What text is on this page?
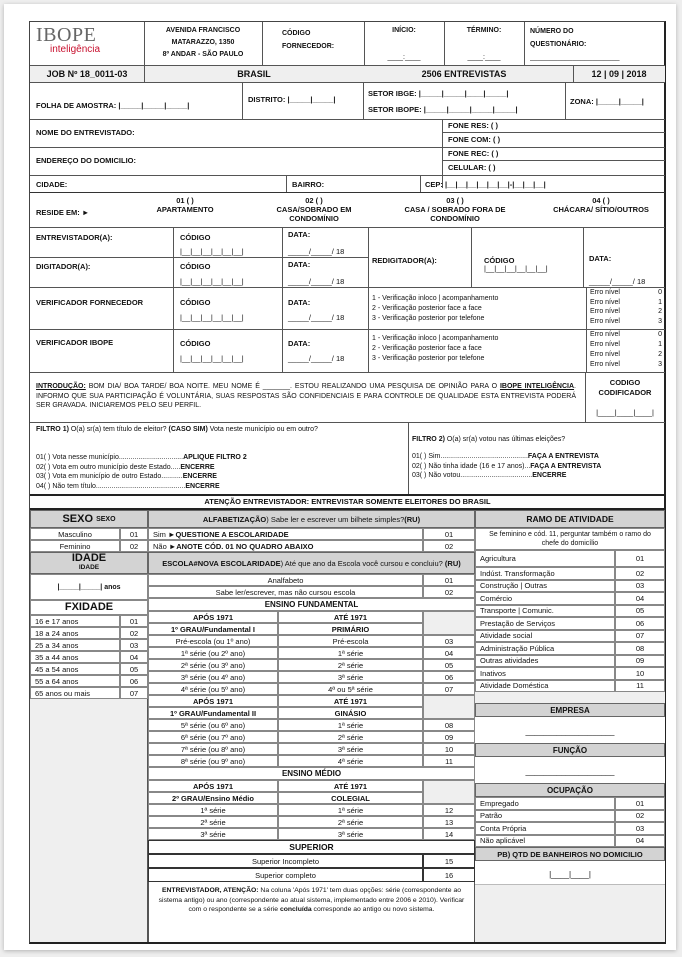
IBOPE
inteligência
AVENIDA FRANCISCO
MATARAZZO, 1350
8º ANDAR - SÃO PAULO
CÓDIGO
FORNECEDOR:
INÍCIO:
____:____
TÉRMINO:
____:____
NÚMERO DO
QUESTIONÁRIO:
_______________________
JOB Nº 18_0011-03	BRASIL	2506 ENTREVISTAS	12 | 09 | 2018
FOLHA DE AMOSTRA: |_____|_____|_____|
DISTRITO: |_____|_____|
SETOR IBGE: |_____|_____|____|_____|
SETOR IBOPE: |_____|_____|_____|_____|
ZONA: |_____|_____|
NOME DO ENTREVISTADO:
FONE RES: ( )
FONE COM: ( )
ENDEREÇO DO DOMICILIO:
FONE REC: ( )
CELULAR: ( )
CIDADE:	BAIRRO:	CEP: |__|__|__|__|__|__|-|__|__|__|
RESIDE EM: ►
01 ( )
APARTAMENTO
02 ( )
CASA/SOBRADO EM CONDOMÍNIO
03 ( )
CASA / SOBRADO FORA DE CONDOMÍNIO
04 ( )
CHÁCARA/ SÍTIO/OUTROS
ENTREVISTADOR(A):	CÓDIGO
|__|__|__|__|__|__|
DATA:
_____/_____/ 18
DIGITADOR(A):	CÓDIGO
|__|__|__|__|__|__|
DATA:
_____/_____/ 18
REDIGITADOR(A):	CÓDIGO
|__|__|__|__|__|__|
DATA:
_____/_____/ 18
VERIFICADOR FORNECEDOR	CÓDIGO
|__|__|__|__|__|__|
DATA:
_____/_____/ 18
1 - Verificação inloco | acompanhamento
2 - Verificação posterior face a face
3 - Verificação posterior por telefone
Erro nível	0
Erro nível	1
Erro nível	2
Erro nível	3
VERIFICADOR IBOPE	CÓDIGO
|__|__|__|__|__|__|
DATA:
_____/_____/ 18
1 - Verificação inloco | acompanhamento
2 - Verificação posterior face a face
3 - Verificação posterior por telefone
Erro nível	0
Erro nível	1
Erro nível	2
Erro nível	3
INTRODUÇÃO: BOM DIA/ BOA TARDE/ BOA NOITE. MEU NOME É _______. ESTOU REALIZANDO UMA PESQUISA DE OPINIÃO PARA O IBOPE INTELIGÊNCIA. INFORMO QUE SUA PARTICIPAÇÃO É VOLUNTÁRIA, SUAS RESPOSTAS SÃO CONFIDENCIAIS E PARA CONTROLE DE QUALIDADE ESTA ENTREVISTA PODERÁ SER GRAVADA. INICIAREMOS PELO SEU PERFIL.
CODIGO CODIFICADOR
|____|____|____|
FILTRO 1) O(a) sr(a) tem título de eleitor? (CASO SIM) Vota neste município ou em outro?
01( ) Vota nesse município.................................APLIQUE FILTRO 2
02( ) Vota em outro município deste Estado.....ENCERRE
03( ) Vota em município de outro Estado...........ENCERRE
04( ) Não tem título..............................................ENCERRE
FILTRO 2) O(a) sr(a) votou nas últimas eleições?
01( ) Sim.............................................FAÇA A ENTREVISTA
02( ) Não tinha idade (16 e 17 anos)...FAÇA A ENTREVISTA
03( ) Não votou.....................................ENCERRE
ATENÇÃO ENTREVISTADOR: ENTREVISTAR SOMENTE ELEITORES DO BRASIL
SEXO
SEXO
Masculino	01
Feminino	02
IDADE
IDADE
|_____|_____| anos
FXIDADE
16 e 17 anos	01
18 a 24 anos	02
25 a 34 anos	03
35 a 44 anos	04
45 a 54 anos	05
55 a 64 anos	06
65 anos ou mais	07
ALFABETIZAÇÃO ) Sabe ler e escrever um bilhete simples? (RU)
Sim ► QUESTIONE A ESCOLARIDADE	01
Não ► ANOTE CÓD. 01 NO QUADRO ABAIXO	02
ESCOLA#NOVA ESCOLARIDADE) Até que ano da Escola você cursou e concluiu? (RU)
Analfabeto	01
Sabe ler/escrever, mas não cursou escola	02
ENSINO FUNDAMENTAL
APÓS 1971	ATÉ 1971
1º GRAU/Fundamental I	PRIMÁRIO
Pré-escola (ou 1º ano)	Pré-escola	03
1ª série (ou 2º ano)	1ª série	04
2ª série (ou 3º ano)	2ª série	05
3ª série (ou 4º ano)	3ª série	06
4ª série (ou 5º ano)	4ª ou 5ª série	07
APÓS 1971	ATÉ 1971
1º GRAU/Fundamental II	GINÁSIO
5ª série (ou 6º ano)	1ª série	08
6ª série (ou 7º ano)	2ª série	09
7ª série (ou 8º ano)	3ª série	10
8ª série (ou 9º ano)	4ª série	11
ENSINO MÉDIO
APÓS 1971	ATÉ 1971
2º GRAU/Ensino Médio	COLEGIAL
1ª série	1ª série	12
2ª série	2ª série	13
3ª série	3ª série	14
SUPERIOR
Superior Incompleto	15
Superior completo	16
ENTREVISTADOR, ATENÇÃO: Na coluna 'Após 1971' tem duas opções: série (correspondente ao sistema antigo) ou ano (correspondente ao atual sistema, implementado entre 2006 e 2010). Verificar com o respondente se a série concluída corresponde ao antigo ou novo sistema.
RAMO DE ATIVIDADE
Se feminino e cód. 11, perguntar também o ramo do chefe do domicílio
Agricultura	01
Indúst. Transformação	02
Construção | Outras	03
Comércio	04
Transporte | Comunic.	05
Prestação de Serviços	06
Atividade social	07
Administração Pública	08
Outras atividades	09
Inativos	10
Atividade Doméstica	11
EMPRESA
____________________
FUNÇÃO
____________________
OCUPAÇÃO
Empregado	01
Patrão	02
Conta Própria	03
Não aplicável	04
PB) QTD DE BANHEIROS NO DOMICILIO
|____|____|
